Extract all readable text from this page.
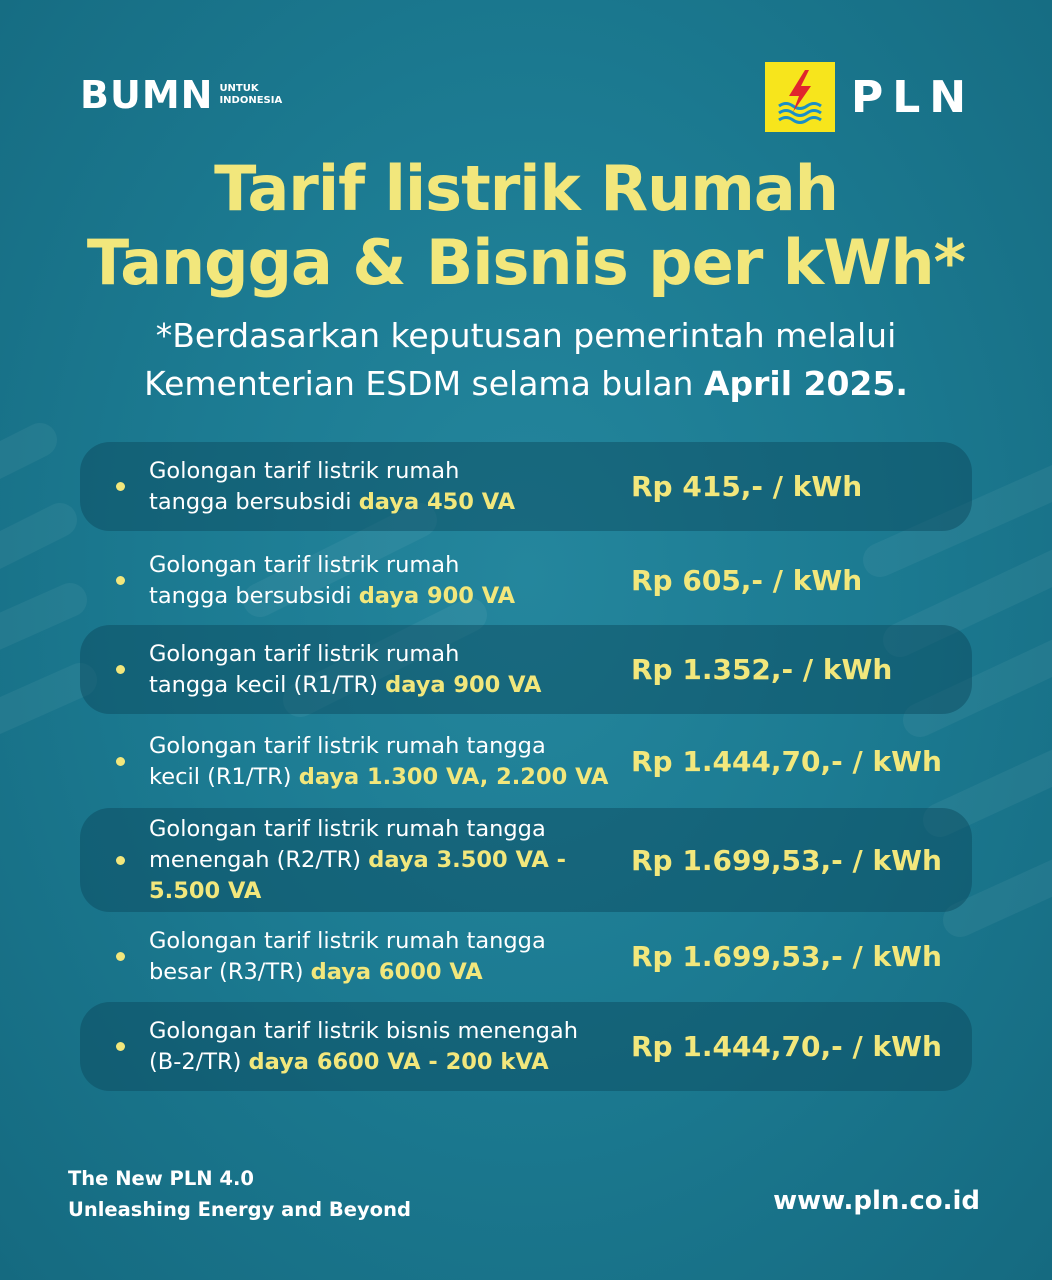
BUMN UNTUK
INDONESIA	PLN
Tarif listrik Rumah
Tangga & Bisnis per kWh*
*Berdasarkan keputusan pemerintah melalui
Kementerian ESDM selama bulan April 2025.
Golongan tarif listrik rumah
tangga bersubsidi daya 450 VA	Rp 415,- / kWh
Golongan tarif listrik rumah
tangga bersubsidi daya 900 VA	Rp 605,- / kWh
Golongan tarif listrik rumah
tangga kecil (R1/TR) daya 900 VA	Rp 1.352,- / kWh
Golongan tarif listrik rumah tangga
kecil (R1/TR) daya 1.300 VA, 2.200 VA Rp 1.444,70,- / kWh
Golongan tarif listrik rumah tangga
menengah (R2/TR) daya 3.500 VA - 5.500 VA
Rp 1.699,53,- / kWh
Golongan tarif listrik rumah tangga
besar (R3/TR) daya 6000 VA	Rp 1.699,53,- / kWh
Golongan tarif listrik bisnis menengah
(B-2/TR) daya 6600 VA - 200 kVA	Rp 1.444,70,- / kWh
The New PLN 4.0
Unleashing Energy and Beyond	www.pln.co.id
